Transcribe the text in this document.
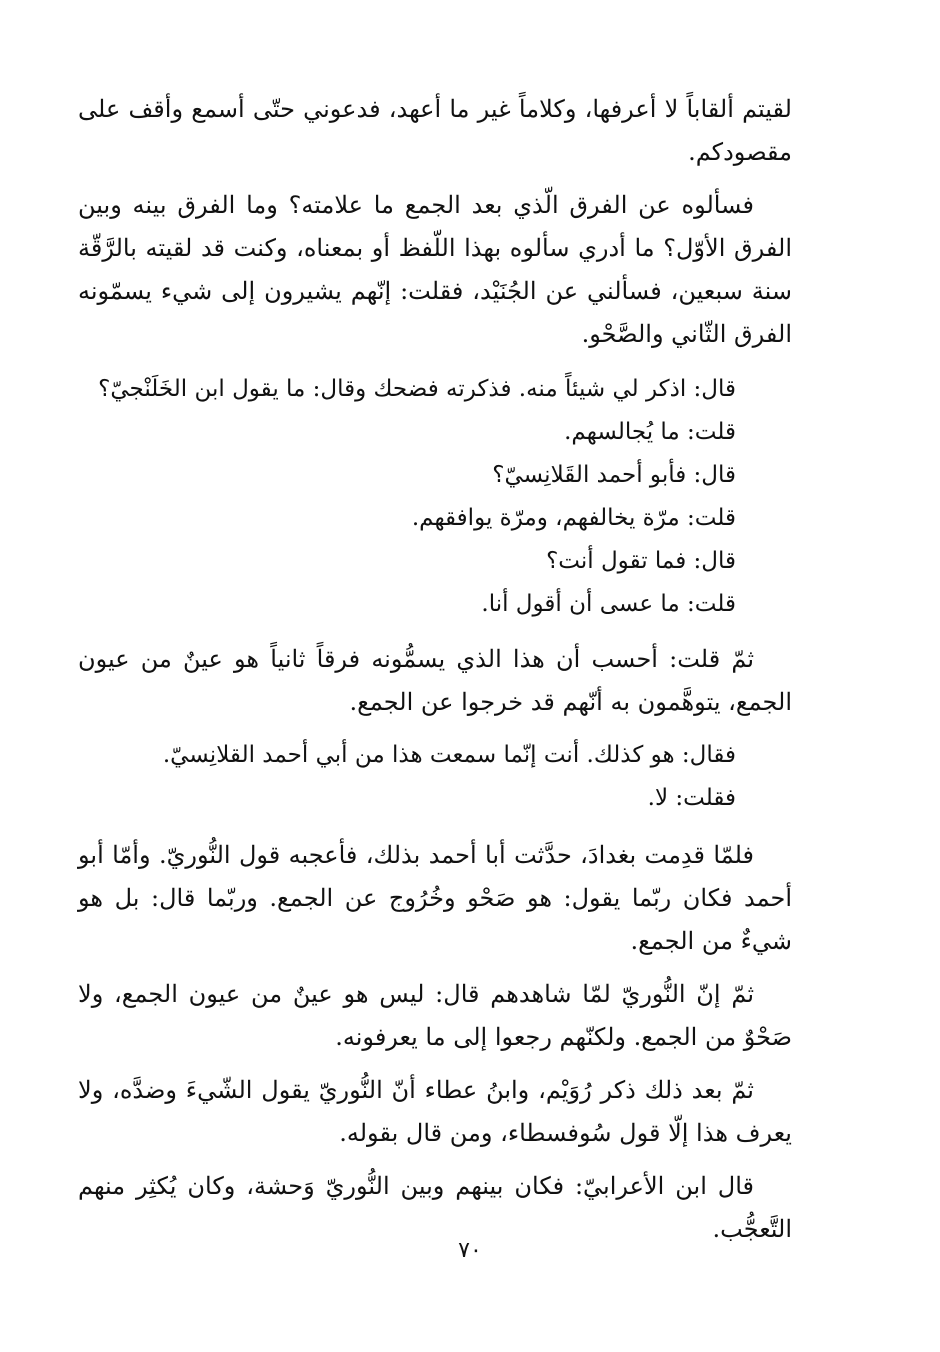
لقيتم ألقاباً لا أعرفها، وكلاماً غير ما أعهد، فدعوني حتّى أسمع وأقف على مقصودكم.

فسألوه عن الفرق الّذي بعد الجمع ما علامته؟ وما الفرق بينه وبين الفرق الأوّل؟ ما أدري سألوه بهذا اللّفظ أو بمعناه، وكنت قد لقيته بالرَّقّة سنة سبعين، فسألني عن الجُنَيْد، فقلت: إنّهم يشيرون إلى شيء يسمّونه الفرق الثّاني والصَّحْو.

قال: اذكر لي شيئاً منه. فذكرته فضحك وقال: ما يقول ابن الخَلَنْجيّ؟

قلت: ما يُجالسهم.

قال: فأبو أحمد القَلانِسيّ؟

قلت: مرّة يخالفهم، ومرّة يوافقهم.

قال: فما تقول أنت؟

قلت: ما عسى أن أقول أنا.

ثمّ قلت: أحسب أن هذا الذي يسمُّونه فرقاً ثانياً هو عينٌ من عيون الجمع، يتوهَّمون به أنّهم قد خرجوا عن الجمع.

فقال: هو كذلك. أنت إنّما سمعت هذا من أبي أحمد القلانِسيّ.

فقلت: لا.

فلمّا قدِمت بغدادَ، حدَّثت أبا أحمد بذلك، فأعجبه قول النُّوريّ. وأمّا أبو أحمد فكان ربّما يقول: هو صَحْو وخُرُوج عن الجمع. وربّما قال: بل هو شيءٌ من الجمع.

ثمّ إنّ النُّوريّ لمّا شاهدهم قال: ليس هو عينٌ من عيون الجمع، ولا صَحْوٌ من الجمع. ولكنّهم رجعوا إلى ما يعرفونه.

ثمّ بعد ذلك ذكر رُوَيْم، وابنُ عطاء أنّ النُّوريّ يقول الشّيءَ وضدَّه، ولا يعرف هذا إلّا قول سُوفسطاء، ومن قال بقوله.

قال ابن الأعرابيّ: فكان بينهم وبين النُّوريّ وَحشة، وكان يُكثِر منهم التَّعجُّب.

٧٠
